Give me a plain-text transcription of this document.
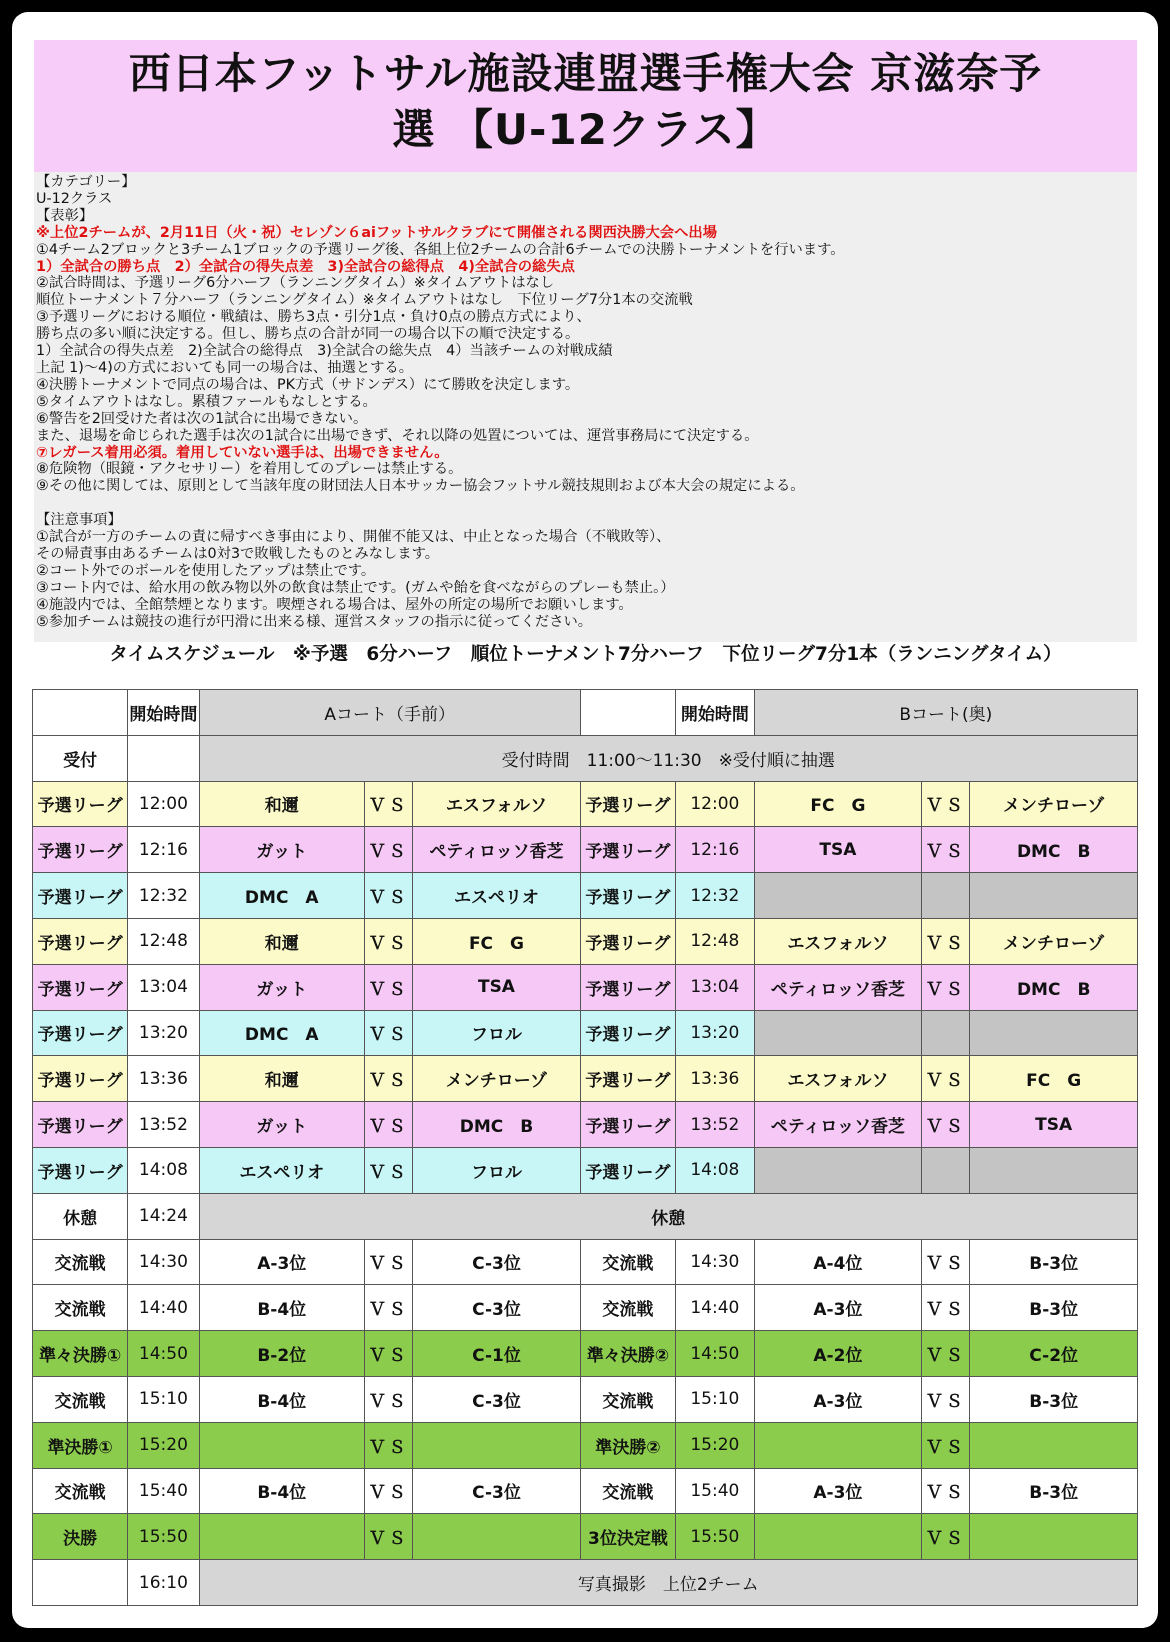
西日本フットサル施設連盟選手権大会 京滋奈予
選 【U-12クラス】
【カテゴリー】
U-12クラス
【表彰】
※上位2チームが、2月11日（火・祝）セレゾン６aiフットサルクラブにて開催される関西決勝大会へ出場
①4チーム2ブロックと3チーム1ブロックの予選リーグ後、各組上位2チームの合計6チームでの決勝トーナメントを行います。
1）全試合の勝ち点　2）全試合の得失点差　3)全試合の総得点　4)全試合の総失点
②試合時間は、予選リーグ6分ハーフ（ランニングタイム）※タイムアウトはなし
順位トーナメント７分ハーフ（ランニングタイム）※タイムアウトはなし　下位リーグ7分1本の交流戦
③予選リーグにおける順位・戦績は、勝ち3点・引分1点・負け0点の勝点方式により、
勝ち点の多い順に決定する。但し、勝ち点の合計が同一の場合以下の順で決定する。
1）全試合の得失点差　2)全試合の総得点　3)全試合の総失点　4）当該チームの対戦成績
上記 1)～4)の方式においても同一の場合は、抽選とする。
④決勝トーナメントで同点の場合は、PK方式（サドンデス）にて勝敗を決定します。
⑤タイムアウトはなし。累積ファールもなしとする。
⑥警告を2回受けた者は次の1試合に出場できない。
また、退場を命じられた選手は次の1試合に出場できず、それ以降の処置については、運営事務局にて決定する。
⑦レガース着用必須。着用していない選手は、出場できません。
⑧危険物（眼鏡・アクセサリー）を着用してのプレーは禁止する。
⑨その他に関しては、原則として当該年度の財団法人日本サッカー協会フットサル競技規則および本大会の規定による。

【注意事項】
①試合が一方のチームの責に帰すべき事由により、開催不能又は、中止となった場合（不戦敗等）、
その帰責事由あるチームは0対3で敗戦したものとみなします。
②コート外でのボールを使用したアップは禁止です。
③コート内では、給水用の飲み物以外の飲食は禁止です。(ガムや飴を食べながらのプレーも禁止。）
④施設内では、全館禁煙となります。喫煙される場合は、屋外の所定の場所でお願いします。
⑤参加チームは競技の進行が円滑に出来る様、運営スタッフの指示に従ってください。
タイムスケジュール　※予選　6分ハーフ　順位トーナメント7分ハーフ　下位リーグ7分1本（ランニングタイム）
	開始時間	Aコート（手前）				開始時間	Bコート(奥)		
受付		受付時間　11:00～11:30　※受付順に抽選							
予選リーグ	12:00	和邇	ＶＳ	エスフォルソ	予選リーグ	12:00	FC　G	ＶＳ	メンチローゾ
予選リーグ	12:16	ガット	ＶＳ	ペティロッソ香芝	予選リーグ	12:16	TSA	ＶＳ	DMC　B
予選リーグ	12:32	DMC　A	ＶＳ	エスペリオ	予選リーグ	12:32			
予選リーグ	12:48	和邇	ＶＳ	FC　G	予選リーグ	12:48	エスフォルソ	ＶＳ	メンチローゾ
予選リーグ	13:04	ガット	ＶＳ	TSA	予選リーグ	13:04	ペティロッソ香芝	ＶＳ	DMC　B
予選リーグ	13:20	DMC　A	ＶＳ	フロル	予選リーグ	13:20			
予選リーグ	13:36	和邇	ＶＳ	メンチローゾ	予選リーグ	13:36	エスフォルソ	ＶＳ	FC　G
予選リーグ	13:52	ガット	ＶＳ	DMC　B	予選リーグ	13:52	ペティロッソ香芝	ＶＳ	TSA
予選リーグ	14:08	エスペリオ	ＶＳ	フロル	予選リーグ	14:08			
休憩	14:24	休憩							
交流戦	14:30	A-3位	ＶＳ	C-3位	交流戦	14:30	A-4位	ＶＳ	B-3位
交流戦	14:40	B-4位	ＶＳ	C-3位	交流戦	14:40	A-3位	ＶＳ	B-3位
準々決勝①	14:50	B-2位	ＶＳ	C-1位	準々決勝②	14:50	A-2位	ＶＳ	C-2位
交流戦	15:10	B-4位	ＶＳ	C-3位	交流戦	15:10	A-3位	ＶＳ	B-3位
準決勝①	15:20		ＶＳ		準決勝②	15:20		ＶＳ	
交流戦	15:40	B-4位	ＶＳ	C-3位	交流戦	15:40	A-3位	ＶＳ	B-3位
決勝	15:50		ＶＳ		3位決定戦	15:50		ＶＳ	
	16:10	写真撮影　上位2チーム							
